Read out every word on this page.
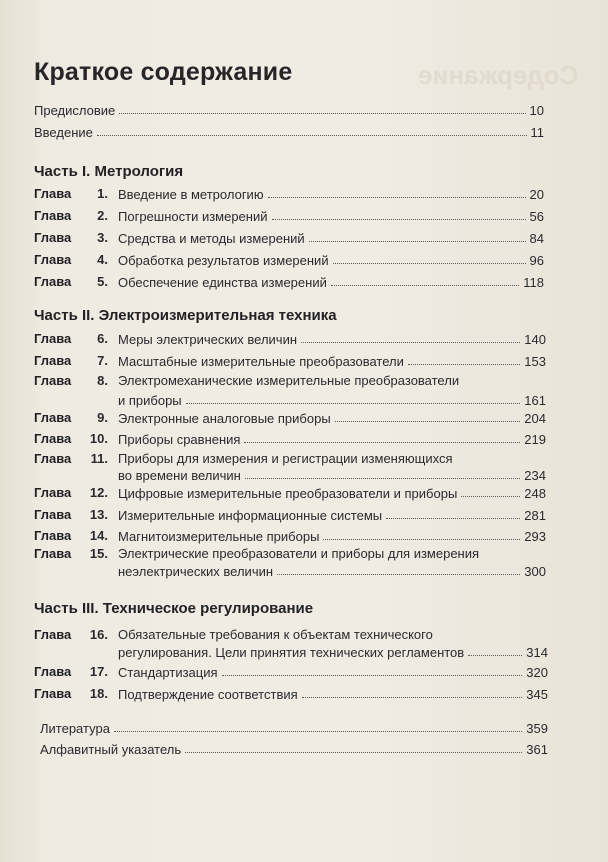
Содержание
Краткое содержание
Предисловие	10
Введение	11
Часть I. Метрология
Глава	1. Введение в метрологию	20
Глава	2. Погрешности измерений	56
Глава	3. Средства и методы измерений	84
Глава	4. Обработка результатов измерений	96
Глава	5. Обеспечение единства измерений	118
Часть II. Электроизмерительная техника
Глава	6. Меры электрических величин	140
Глава	7. Масштабные измерительные преобразователи	153
Глава	8. Электромеханические измерительные преобразователи
и приборы	161
Глава	9. Электронные аналоговые приборы	204
Глава	10. Приборы сравнения	219
Глава	11. Приборы для измерения и регистрации изменяющихся
во времени величин	234
Глава	12. Цифровые измерительные преобразователи и приборы	248
Глава	13. Измерительные информационные системы	281
Глава	14. Магнитоизмерительные приборы	293
Глава	15. Электрические преобразователи и приборы для измерения
неэлектрических величин	300
Часть III. Техническое регулирование
Глава	16. Обязательные требования к объектам технического
регулирования. Цели принятия технических регламентов	314
Глава	17. Стандартизация	320
Глава	18. Подтверждение соответствия	345
Литература	359
Алфавитный указатель	361
